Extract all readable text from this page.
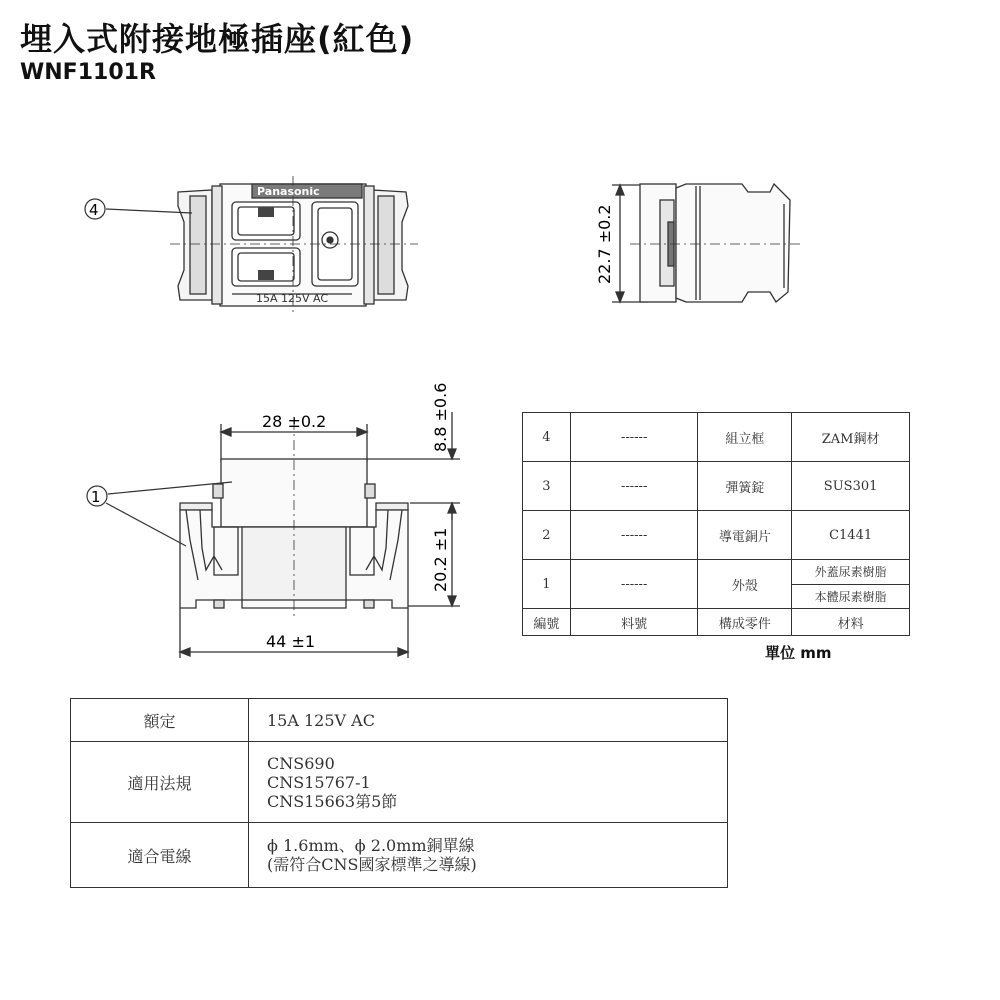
埋入式附接地極插座(紅色)
WNF1101R
Panasonic
15A 125V AC
4	22.7 ±0.2
28 ±0.2	8.8 ±0.6
20.2 ±1
44 ±1
1
4	------	組立框	ZAM鋼材
3	------	彈簧錠	SUS301
2	------	導電銅片	C1441
1	------	外殼	外蓋尿素樹脂
			本體尿素樹脂
編號	料號	構成零件	材料
單位 mm
額定	15A 125V AC
適用法規	CNS690
CNS15767-1
CNS15663第5節

適合電線	ϕ 1.6mm、ϕ 2.0mm銅單線
(需符合CNS國家標準之導線)
